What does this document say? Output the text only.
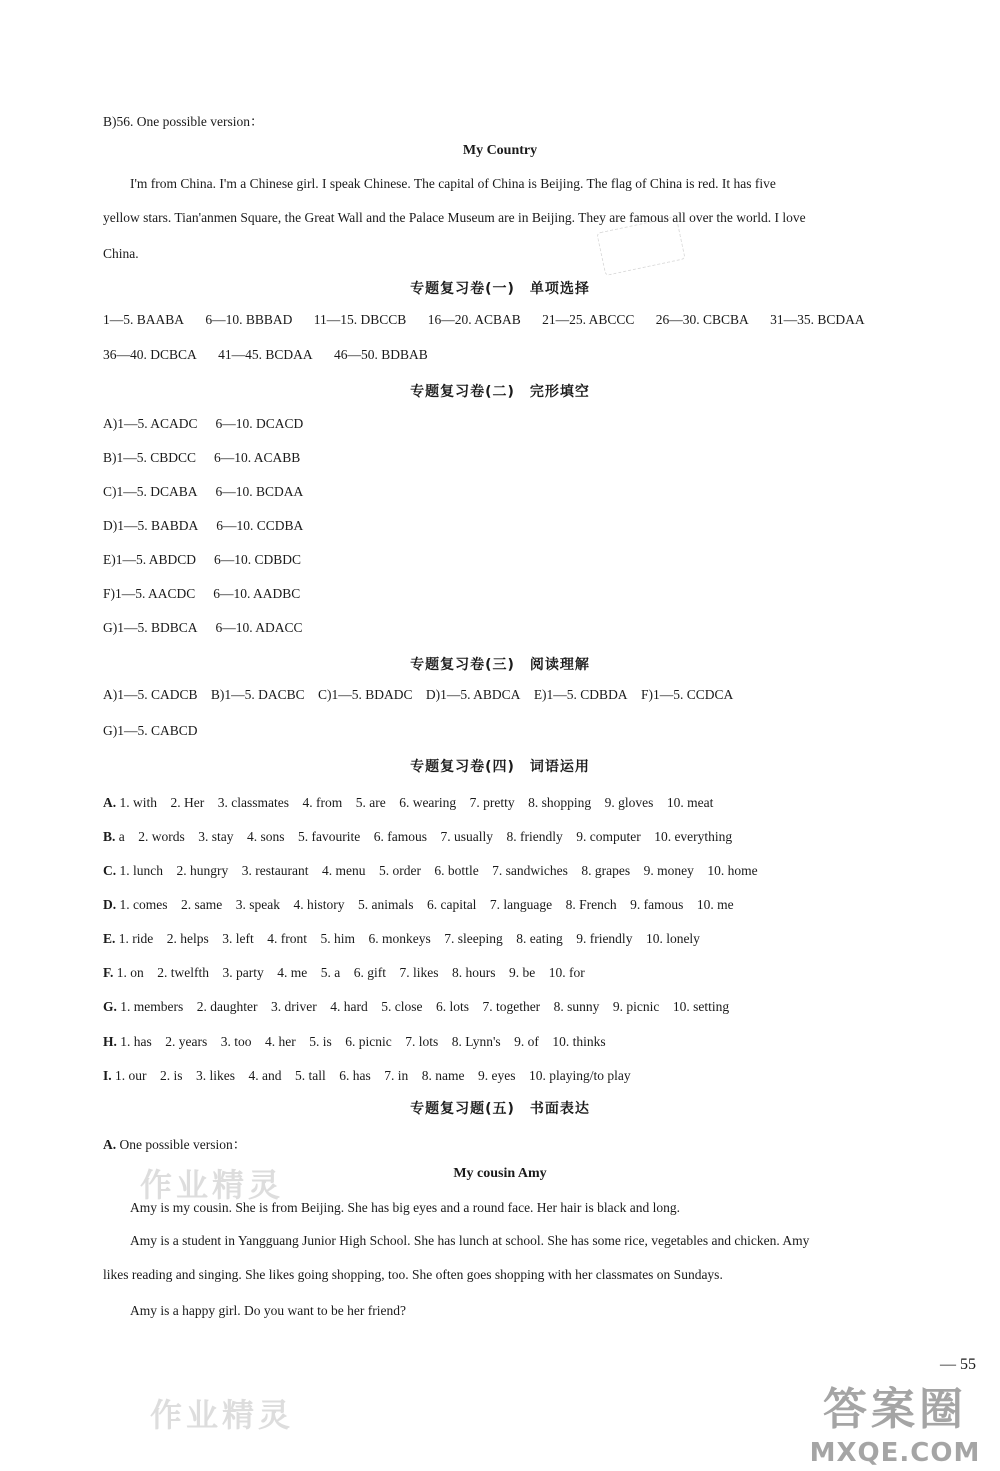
B)56. One possible version：
My Country
I'm from China. I'm a Chinese girl. I speak Chinese. The capital of China is Beijing. The flag of China is red. It has five
yellow stars. Tian'anmen Square, the Great Wall and the Palace Museum are in Beijing. They are famous all over the world. I love
China.
专题复习卷(一)　单项选择
1—5. BAABA 6—10. BBBAD 11—15. DBCCB 16—20. ACBAB 21—25. ABCCC 26—30. CBCBA 31—35. BCDAA
36—40. DCBCA 41—45. BCDAA 46—50. BDBAB
专题复习卷(二)　完形填空
A)1—5. ACADC 6—10. DCACD
B)1—5. CBDCC 6—10. ACABB
C)1—5. DCABA 6—10. BCDAA
D)1—5. BABDA 6—10. CCDBA
E)1—5. ABDCD 6—10. CDBDC
F)1—5. AACDC 6—10. AADBC
G)1—5. BDBCA 6—10. ADACC
专题复习卷(三)　阅读理解
A)1—5. CADCB B)1—5. DACBC C)1—5. BDADC D)1—5. ABDCA E)1—5. CDBDA F)1—5. CCDCA
G)1—5. CABCD
专题复习卷(四)　词语运用
A. 1. with　2. Her　3. classmates　4. from　5. are　6. wearing　7. pretty　8. shopping　9. gloves　10. meat
B. a　2. words　3. stay　4. sons　5. favourite　6. famous　7. usually　8. friendly　9. computer　10. everything
C. 1. lunch　2. hungry　3. restaurant　4. menu　5. order　6. bottle　7. sandwiches　8. grapes　9. money　10. home
D. 1. comes　2. same　3. speak　4. history　5. animals　6. capital　7. language　8. French　9. famous　10. me
E. 1. ride　2. helps　3. left　4. front　5. him　6. monkeys　7. sleeping　8. eating　9. friendly　10. lonely
F. 1. on　2. twelfth　3. party　4. me　5. a　6. gift　7. likes　8. hours　9. be　10. for
G. 1. members　2. daughter　3. driver　4. hard　5. close　6. lots　7. together　8. sunny　9. picnic　10. setting
H. 1. has　2. years　3. too　4. her　5. is　6. picnic　7. lots　8. Lynn's　9. of　10. thinks
I. 1. our　2. is　3. likes　4. and　5. tall　6. has　7. in　8. name　9. eyes　10. playing/to play
专题复习题(五)　书面表达
A. One possible version：
作业精灵	My cousin Amy
Amy is my cousin. She is from Beijing. She has big eyes and a round face. Her hair is black and long.
Amy is a student in Yangguang Junior High School. She has lunch at school. She has some rice, vegetables and chicken. Amy
likes reading and singing. She likes going shopping, too. She often goes shopping with her classmates on Sundays.
Amy is a happy girl. Do you want to be her friend?
— 55
作业精灵	答案圈
MXQE.COM
